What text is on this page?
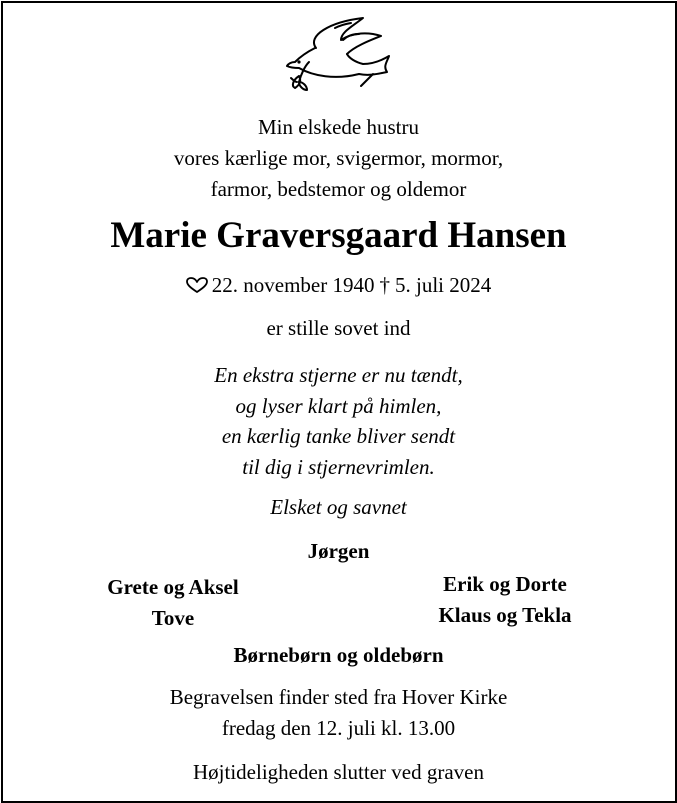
Min elskede hustru
vores kærlige mor, svigermor, mormor,
farmor, bedstemor og oldemor
Marie Graversgaard Hansen
22. november 1940 † 5. juli 2024
er stille sovet ind
En ekstra stjerne er nu tændt,
og lyser klart på himlen,
en kærlig tanke bliver sendt
til dig i stjernevrimlen.
Elsket og savnet
Jørgen
Grete og Aksel
Tove
Erik og Dorte
Klaus og Tekla
Børnebørn og oldebørn
Begravelsen finder sted fra Hover Kirke
fredag den 12. juli kl. 13.00
Højtideligheden slutter ved graven
